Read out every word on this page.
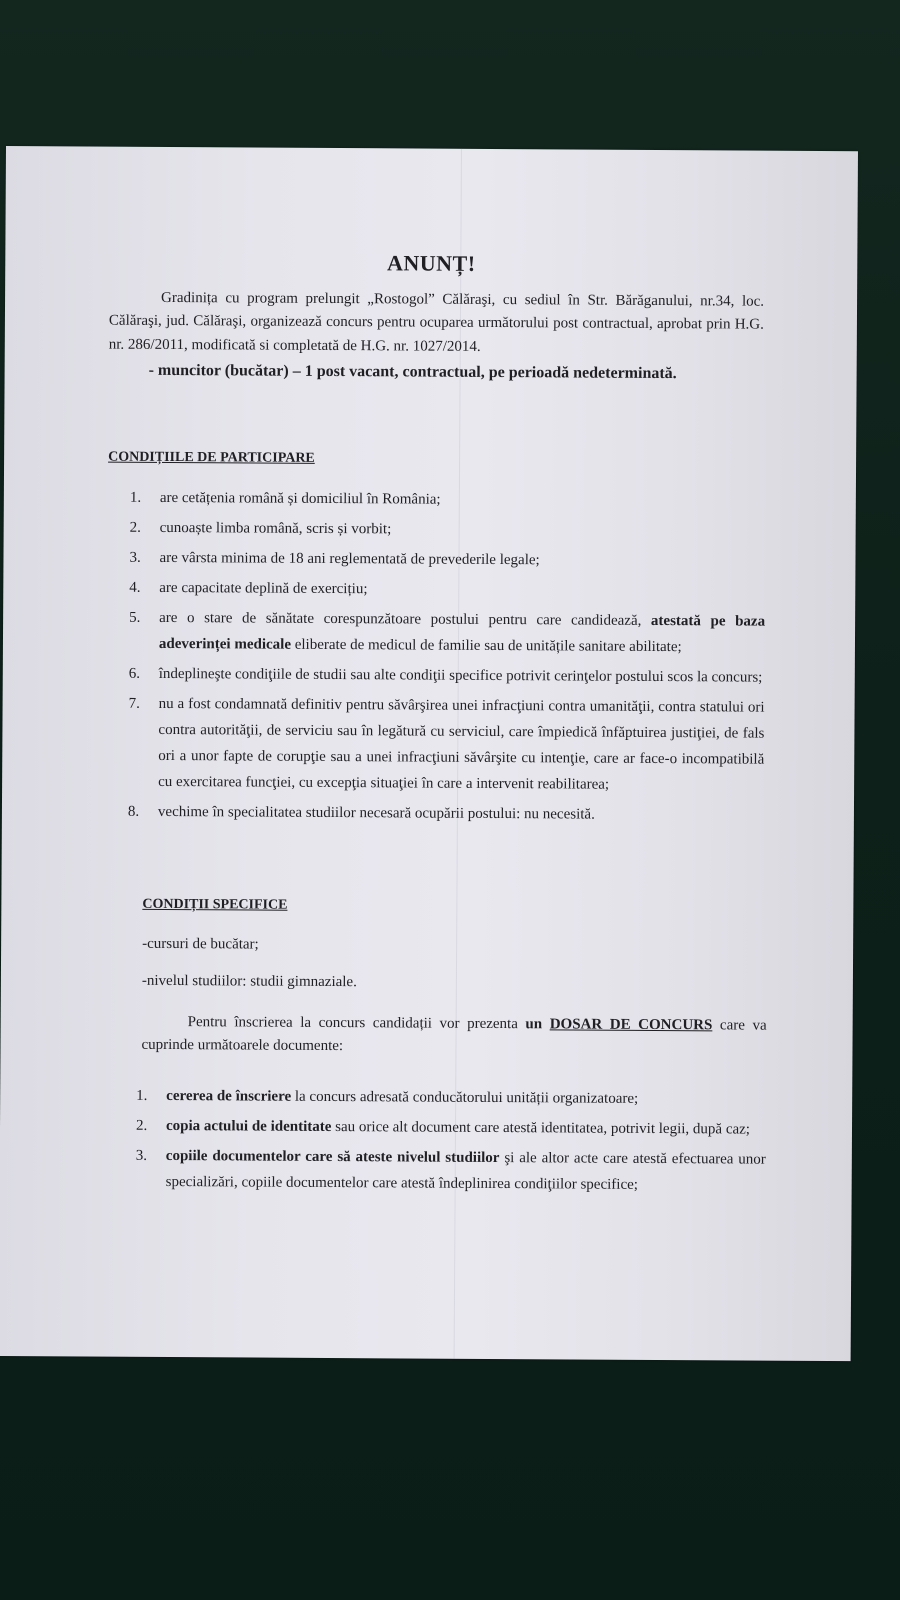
ANUNȚ!

Gradinița cu program prelungit „Rostogol” Călăraşi, cu sediul în Str. Bărăganului, nr.34, loc. Călăraşi, jud. Călăraşi, organizează concurs pentru ocuparea următorului post contractual, aprobat prin H.G. nr. 286/2011, modificată si completată de H.G. nr. 1027/2014.

- muncitor (bucătar) – 1 post vacant, contractual, pe perioadă nedeterminată.

CONDIȚIILE DE PARTICIPARE

1. are cetățenia română și domiciliul în România;
2. cunoaște limba română, scris și vorbit;
3. are vârsta minima de 18 ani reglementată de prevederile legale;
4. are capacitate deplină de exercițiu;
5. are o stare de sănătate corespunzătoare postului pentru care candidează, atestată pe baza adeverinței medicale eliberate de medicul de familie sau de unitățile sanitare abilitate;
6. îndeplineşte condiţiile de studii sau alte condiţii specifice potrivit cerinţelor postului scos la concurs;
7. nu a fost condamnată definitiv pentru săvârşirea unei infracţiuni contra umanităţii, contra statului ori contra autorităţii, de serviciu sau în legătură cu serviciul, care împiedică înfăptuirea justiţiei, de fals ori a unor fapte de corupţie sau a unei infracţiuni săvârşite cu intenţie, care ar face-o incompatibilă cu exercitarea funcţiei, cu excepţia situaţiei în care a intervenit reabilitarea;
8. vechime în specialitatea studiilor necesară ocupării postului: nu necesită.

CONDIȚII SPECIFICE

-cursuri de bucătar;

-nivelul studiilor: studii gimnaziale.

Pentru înscrierea la concurs candidații vor prezenta un DOSAR DE CONCURS care va cuprinde următoarele documente:

1. cererea de înscriere la concurs adresată conducătorului unității organizatoare;
2. copia actului de identitate sau orice alt document care atestă identitatea, potrivit legii, după caz;
3. copiile documentelor care să ateste nivelul studiilor şi ale altor acte care atestă efectuarea unor specializări, copiile documentelor care atestă îndeplinirea condiţiilor specifice;
